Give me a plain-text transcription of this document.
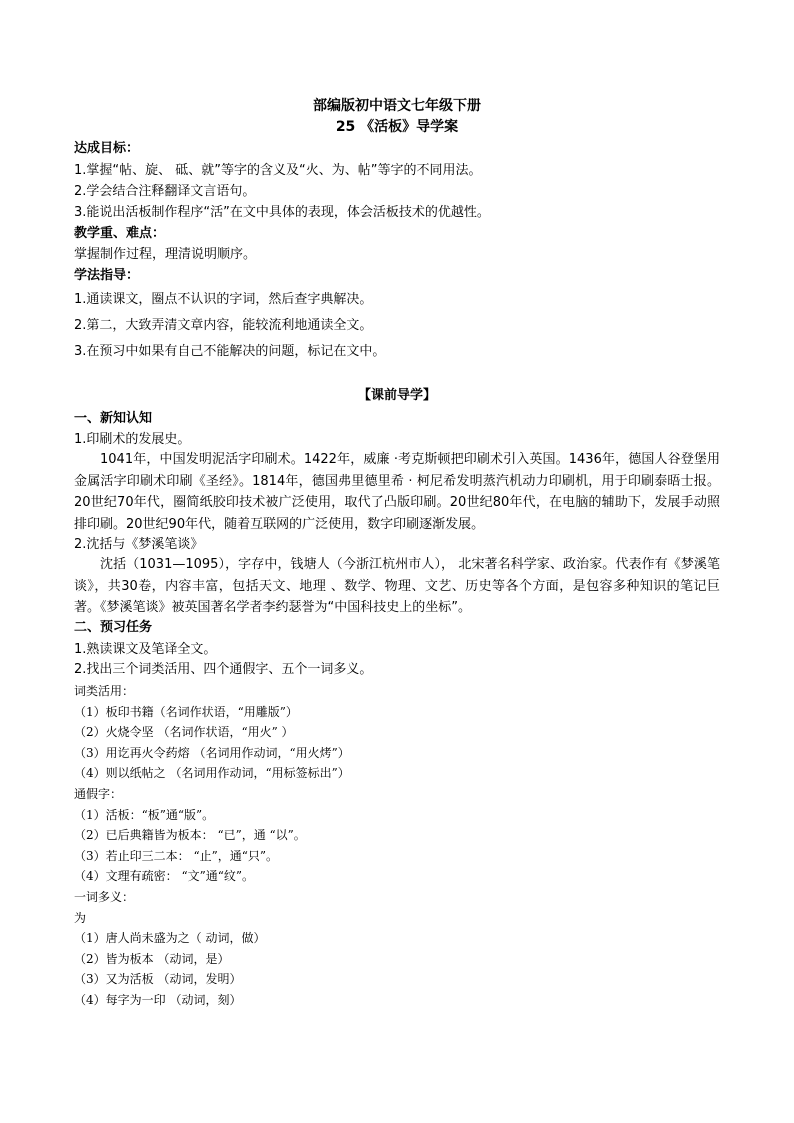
部编版初中语文七年级下册
25 《活板》导学案
达成目标：
1.掌握“帖、旋、 砥、就”等字的含义及“火、为、帖”等字的不同用法。
2.学会结合注释翻译文言语句。
3.能说出活板制作程序“活”在文中具体的表现，体会活板技术的优越性。
教学重、难点：
掌握制作过程，理清说明顺序。
学法指导：
1.通读课文，圈点不认识的字词，然后查字典解决。
2.第二，大致弄清文章内容，能较流利地通读全文。
3.在预习中如果有自己不能解决的问题，标记在文中。
【课前导学】
一、新知认知
1.印刷术的发展史。

1041年，中国发明泥活字印刷术。1422年，威廉 ·考克斯顿把印刷术引入英国。1436年，德国人谷登堡用金属活字印刷术印刷《圣经》。1814年，德国弗里德里希 · 柯尼希发明蒸汽机动力印刷机，用于印刷泰晤士报。20世纪70年代，圈简纸胶印技术被广泛使用，取代了凸版印刷。20世纪80年代，在电脑的辅助下，发展手动照排印刷。20世纪90年代，随着互联网的广泛使用，数字印刷逐渐发展。

2.沈括与《梦溪笔谈》

沈括（1031—1095），字存中，钱塘人（今浙江杭州市人）， 北宋著名科学家、政治家。代表作有《梦溪笔谈》，共30卷，内容丰富，包括天文、地理 、数学、物理、文艺、历史等各个方面，是包容多种知识的笔记巨著。《梦溪笔谈》被英国著名学者李约瑟誉为“中国科技史上的坐标”。

二、预习任务
1.熟读课文及笔译全文。
2.找出三个词类活用、四个通假字、五个一词多义。
词类活用：
（1）板印书籍（名词作状语，“用雕版”）
（2）火烧令坚 （名词作状语，“用火” ）
（3）用讫再火令药熔 （名词用作动词，“用火烤”）
（4）则以纸帖之 （名词用作动词，“用标签标出”）
通假字：
（1）活板：“板”通“版”。
（2）已后典籍皆为板本： “已”，通 “以”。
（3）若止印三二本： “止”，通“只”。
（4）文理有疏密： “文”通“纹”。
一词多义：
为
（1）唐人尚未盛为之（ 动词，做）
（2）皆为板本 （动词，是）
（3）又为活板 （动词，发明）
（4）每字为一印 （动词，刻）
